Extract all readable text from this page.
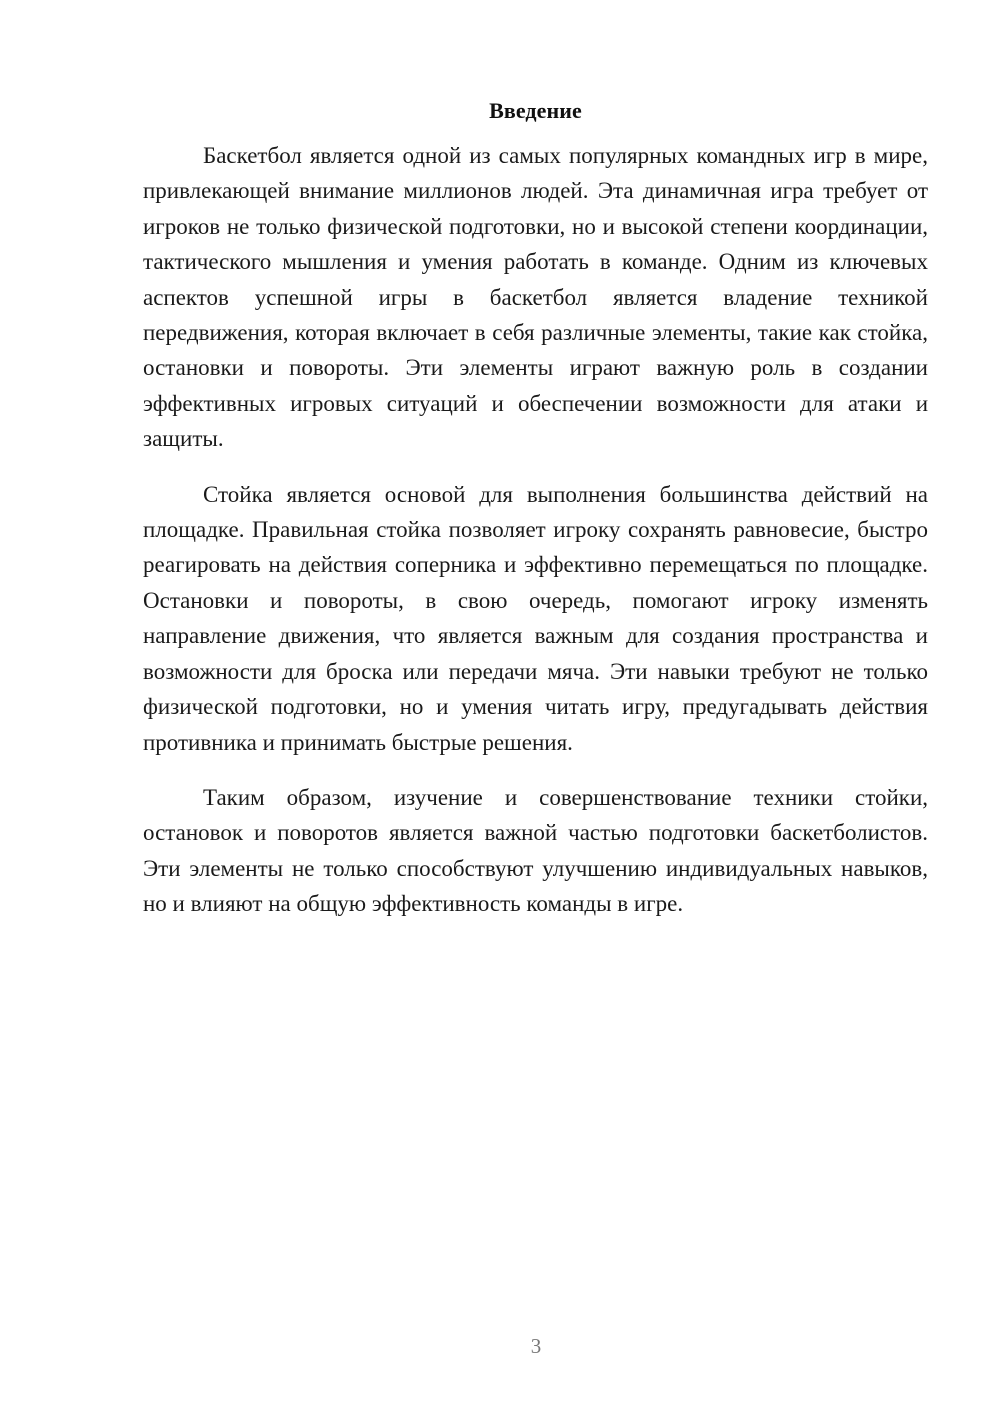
Введение

Баскетбол является одной из самых популярных командных игр в мире, привлекающей внимание миллионов людей. Эта динамичная игра требует от игроков не только физической подготовки, но и высокой степени координации, тактического мышления и умения работать в команде. Одним из ключевых аспектов успешной игры в баскетбол является владение техникой передвижения, которая включает в себя различные элементы, такие как стойка, остановки и повороты. Эти элементы играют важную роль в создании эффективных игровых ситуаций и обеспечении возможности для атаки и защиты.

Стойка является основой для выполнения большинства действий на площадке. Правильная стойка позволяет игроку сохранять равновесие, быстро реагировать на действия соперника и эффективно перемещаться по площадке. Остановки и повороты, в свою очередь, помогают игроку изменять направление движения, что является важным для создания пространства и возможности для броска или передачи мяча. Эти навыки требуют не только физической подготовки, но и умения читать игру, предугадывать действия противника и принимать быстрые решения.

Таким образом, изучение и совершенствование техники стойки, остановок и поворотов является важной частью подготовки баскетболистов. Эти элементы не только способствуют улучшению индивидуальных навыков, но и влияют на общую эффективность команды в игре.

3
